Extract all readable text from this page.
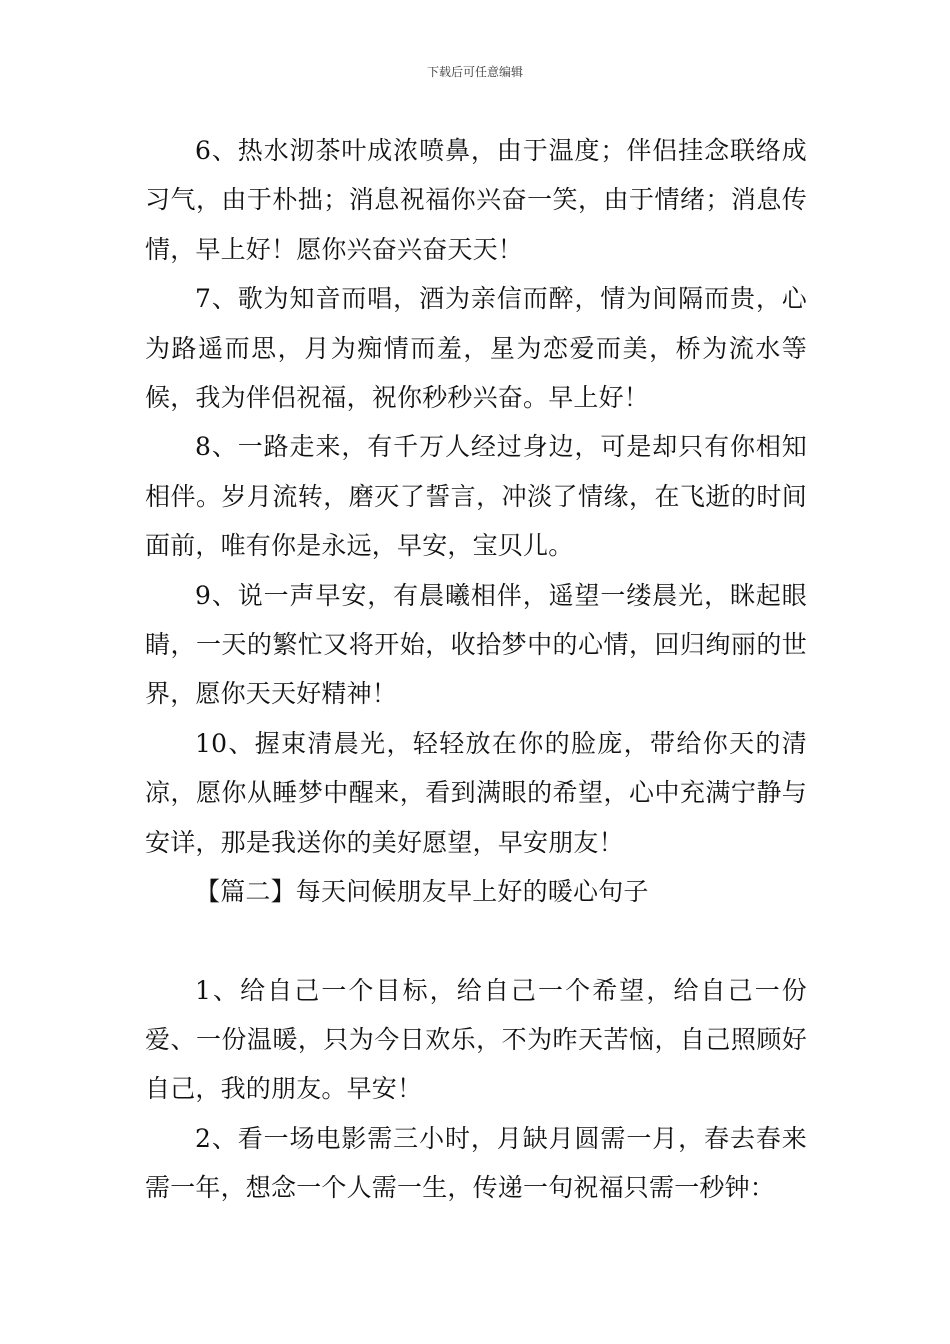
下载后可任意编辑

6、热水沏茶叶成浓喷鼻，由于温度；伴侣挂念联络成习气，由于朴拙；消息祝福你兴奋一笑，由于情绪；消息传情，早上好！愿你兴奋兴奋天天！

7、歌为知音而唱，酒为亲信而醉，情为间隔而贵，心为路遥而思，月为痴情而羞，星为恋爱而美，桥为流水等候，我为伴侣祝福，祝你秒秒兴奋。早上好！

8、一路走来，有千万人经过身边，可是却只有你相知相伴。岁月流转，磨灭了誓言，冲淡了情缘，在飞逝的时间面前，唯有你是永远，早安，宝贝儿。

9、说一声早安，有晨曦相伴，遥望一缕晨光，眯起眼睛，一天的繁忙又将开始，收拾梦中的心情，回归绚丽的世界，愿你天天好精神！

10、握束清晨光，轻轻放在你的脸庞，带给你天的清凉，愿你从睡梦中醒来，看到满眼的希望，心中充满宁静与安详，那是我送你的美好愿望，早安朋友！

【篇二】每天问候朋友早上好的暖心句子

1、给自己一个目标，给自己一个希望，给自己一份爱、一份温暖，只为今日欢乐，不为昨天苦恼，自己照顾好自己，我的朋友。早安！

2、看一场电影需三小时，月缺月圆需一月，春去春来需一年，想念一个人需一生，传递一句祝福只需一秒钟：
